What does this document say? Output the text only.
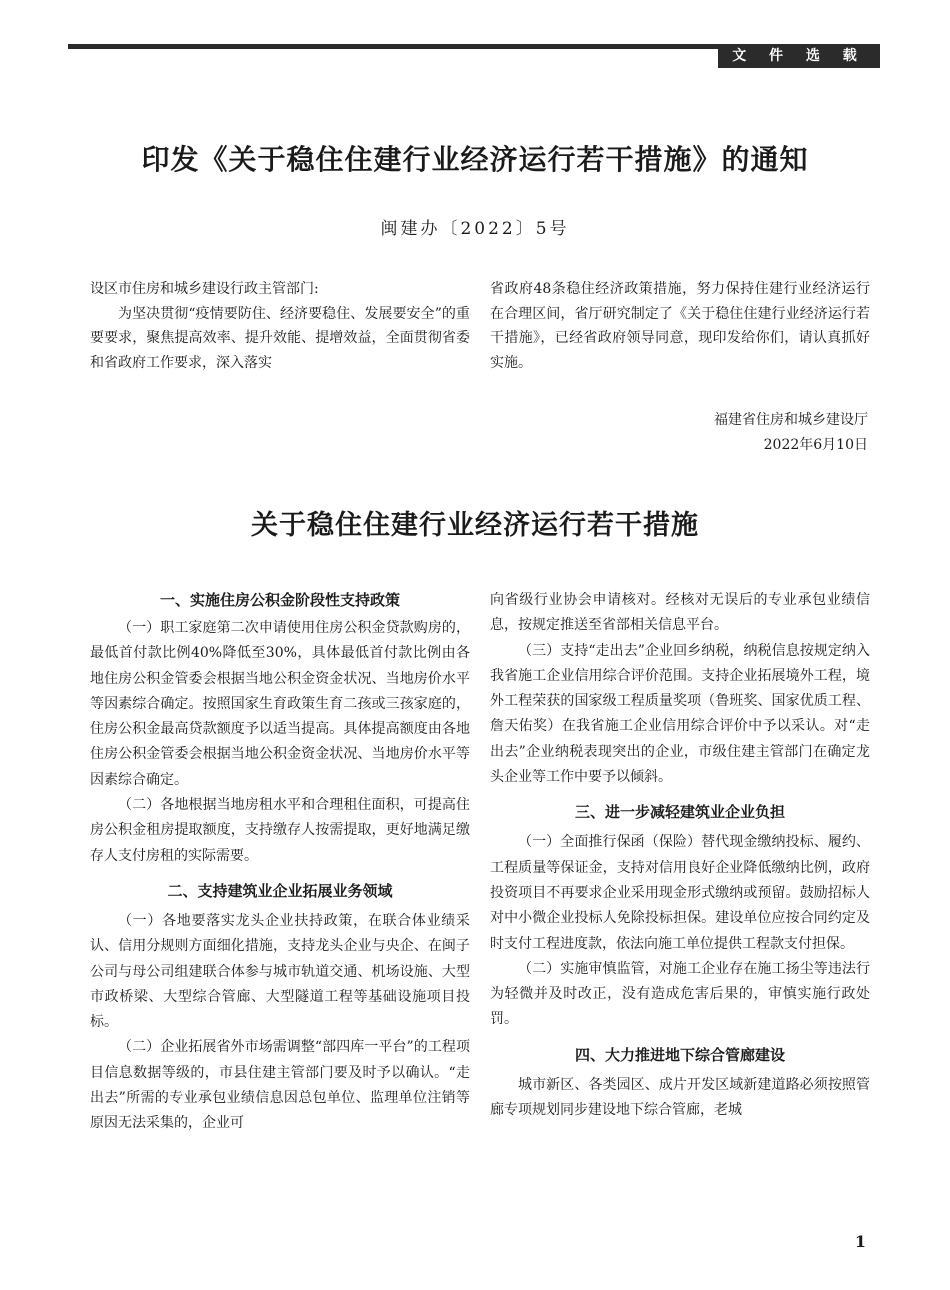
文 件 选 载
印发《关于稳住住建行业经济运行若干措施》的通知
闽建办〔2022〕5号

设区市住房和城乡建设行政主管部门:

为坚决贯彻“疫情要防住、经济要稳住、发展要安全”的重要要求，聚焦提高效率、提升效能、提增效益，全面贯彻省委和省政府工作要求，深入落实

省政府48条稳住经济政策措施，努力保持住建行业经济运行在合理区间，省厅研究制定了《关于稳住住建行业经济运行若干措施》，已经省政府领导同意，现印发给你们，请认真抓好实施。

福建省住房和城乡建设厅
2022年6月10日
关于稳住住建行业经济运行若干措施

一、实施住房公积金阶段性支持政策

（一）职工家庭第二次申请使用住房公积金贷款购房的，最低首付款比例40%降低至30%，具体最低首付款比例由各地住房公积金管委会根据当地公积金资金状况、当地房价水平等因素综合确定。按照国家生育政策生育二孩或三孩家庭的，住房公积金最高贷款额度予以适当提高。具体提高额度由各地住房公积金管委会根据当地公积金资金状况、当地房价水平等因素综合确定。

（二）各地根据当地房租水平和合理租住面积，可提高住房公积金租房提取额度，支持缴存人按需提取，更好地满足缴存人支付房租的实际需要。

二、支持建筑业企业拓展业务领域

（一）各地要落实龙头企业扶持政策，在联合体业绩采认、信用分规则方面细化措施，支持龙头企业与央企、在闽子公司与母公司组建联合体参与城市轨道交通、机场设施、大型市政桥梁、大型综合管廊、大型隧道工程等基础设施项目投标。

（二）企业拓展省外市场需调整“部四库一平台”的工程项目信息数据等级的，市县住建主管部门要及时予以确认。“走出去”所需的专业承包业绩信息因总包单位、监理单位注销等原因无法采集的，企业可

向省级行业协会申请核对。经核对无误后的专业承包业绩信息，按规定推送至省部相关信息平台。

（三）支持“走出去”企业回乡纳税，纳税信息按规定纳入我省施工企业信用综合评价范围。支持企业拓展境外工程，境外工程荣获的国家级工程质量奖项（鲁班奖、国家优质工程、詹天佑奖）在我省施工企业信用综合评价中予以采认。对“走出去”企业纳税表现突出的企业，市级住建主管部门在确定龙头企业等工作中要予以倾斜。

三、进一步减轻建筑业企业负担

（一）全面推行保函（保险）替代现金缴纳投标、履约、工程质量等保证金，支持对信用良好企业降低缴纳比例，政府投资项目不再要求企业采用现金形式缴纳或预留。鼓励招标人对中小微企业投标人免除投标担保。建设单位应按合同约定及时支付工程进度款，依法向施工单位提供工程款支付担保。

（二）实施审慎监管，对施工企业存在施工扬尘等违法行为轻微并及时改正，没有造成危害后果的，审慎实施行政处罚。

四、大力推进地下综合管廊建设

城市新区、各类园区、成片开发区域新建道路必须按照管廊专项规划同步建设地下综合管廊，老城

1
